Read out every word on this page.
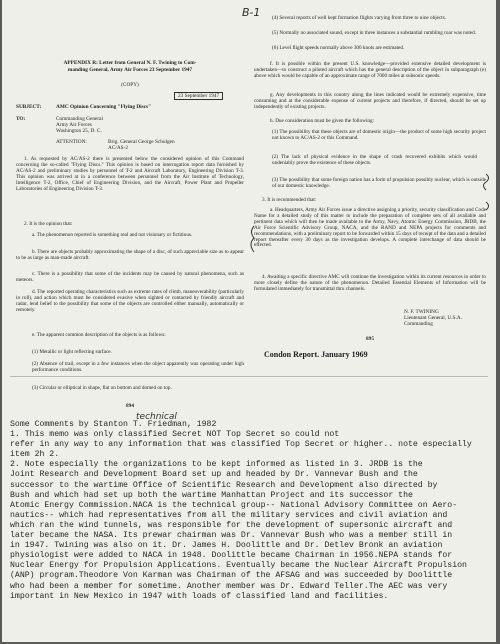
B-1
APPENDIX R: Letter from General N. F. Twining to Com-
manding General, Army Air Forces 23 September 1947
(COPY)
23 September 1947
SUBJECT:	AMC Opinion Concerning "Flying Discs"
TO:	Commanding General
Army Air Forces
Washington 25, D. C.
ATTENTION:	Brig. General George Schulgen
AC/AS-2
1. As requested by AC/AS-2 there is presented below the considered opinion of this Command concerning the so-called "Flying Discs." This opinion is based on interrogation report data furnished by AC/AS-2 and preliminary studies by personnel of T-2 and Aircraft Laboratory, Engineering Division T-3. This opinion was arrived at in a conference between personnel from the Air Institute of Technology, Intelligence T-2, Office, Chief of Engineering Division, and the Aircraft, Power Plant and Propeller Laboratories of Engineering Division T-3.
2. It is the opinion that:
a. The phenomenon reported is something real and not visionary or fictitious.
b. There are objects probably approximating the shape of a disc, of such appreciable size as to appear to be as large as man-made aircraft.
c. There is a possibility that some of the incidents may be caused by natural phenomena, such as meteors.
d. The reported operating characteristics such as extreme rates of climb, maneuverability (particularly in roll), and action which must be considered evasive when sighted or contacted by friendly aircraft and radar, lend belief to the possibility that some of the objects are controlled either manually, automatically or remotely.
e. The apparent common description of the objects is as follows:
(1) Metallic or light reflecting surface.
(2) Absence of trail, except in a few instances when the object apparently was operating under high performance conditions.
(3) Circular or elliptical in shape, flat on bottom and domed on top.
894
(4) Several reports of well kept formation flights varying from three to nine objects.
(5) Normally no associated sound, except in three instances a substantial rumbling roar was noted.
(6) Level flight speeds normally above 300 knots are estimated.
f. It is possible within the present U.S. knowledge—provided extensive detailed development is undertaken—to construct a piloted aircraft which has the general description of the object in subparagraph (e) above which would be capable of an approximate range of 7000 miles at subsonic speeds.
g. Any developments in this country along the lines indicated would be extremely expensive, time consuming and at the considerable expense of current projects and therefore, if directed, should be set up independently of existing projects.
h. Due consideration must be given the following:
(1) The possibility that these objects are of domestic origin—the product of some high security project not known to AC/AS-2 or this Command.
(2) The lack of physical evidence in the shape of crash recovered exhibits which would undeniably prove the existence of these objects.
(3) The possibility that some foreign nation has a form of propulsion possibly nuclear, which is outside of our domestic knowledge.
3. It is recommended that:
a. Headquarters, Army Air Forces issue a directive assigning a priority, security classification and Code Name for a detailed study of this matter to include the preparation of complete sets of all available and pertinent data which will then be made available to the Army, Navy, Atomic Energy Commission, JRDB, the Air Force Scientific Advisory Group, NACA, and the RAND and NEPA projects for comments and recommendations, with a preliminary report to be forwarded within 15 days of receipt of the data and a detailed report thereafter every 30 days as the investigation develops. A complete interchange of data should be effected.
4. Awaiting a specific directive AMC will continue the investigation within its current resources in order to more closely define the nature of the phenomenon. Detailed Essential Elements of Information will be formulated immediately for transmittal thru channels.
N. F. TWINING
Lieutenant General, U.S.A.
Commanding
895
Condon Report. January 1969
technical
Some Comments by Stanton T. Friedman, 1982
1. This memo was only classified Secret NOT Top Secret so could not
refer in any way to any information that was classified Top Secret or higher.. note especially
item 2h 2.
2. Note especially the organizations to be kept informed as listed in 3. JRDB is the
Joint Research and Development Board set up and headed by Dr. Vannevar Bush and the
successor to the wartime Office of Scientific Research and Development also directed by
Bush and which had set up both the wartime Manhattan Project and its successor the
Atomic Energy Commission.NACA is the technical group-- National Advisory Committee on Aero-
nautics-- which had representatives from all the military services and civil aviation and
which ran the wind tunnels, was responsible for the development of supersonic aircraft and
later became the NASA. Its prewar chairman was Dr. Vannevar Bush who was a member still in
in 1947. Twining was also on it. Dr. James H. Doolittle and Dr. Detlev Bronk an aviation
physiologist were added to NACA in 1948. Doolittle became Chairman in 1956.NEPA stands for
Nuclear Energy for Propulsion Applications. Eventually became the Nuclear Aircraft Propulsion
(ANP) program.Theodore Von Karman was Chairman of the AFSAG and was succeeded by Doolittle
who had been a member for sometime. Another member was Dr. Edward Teller.The AEC was very
important in New Mexico in 1947 with loads of classified land and facilities.
